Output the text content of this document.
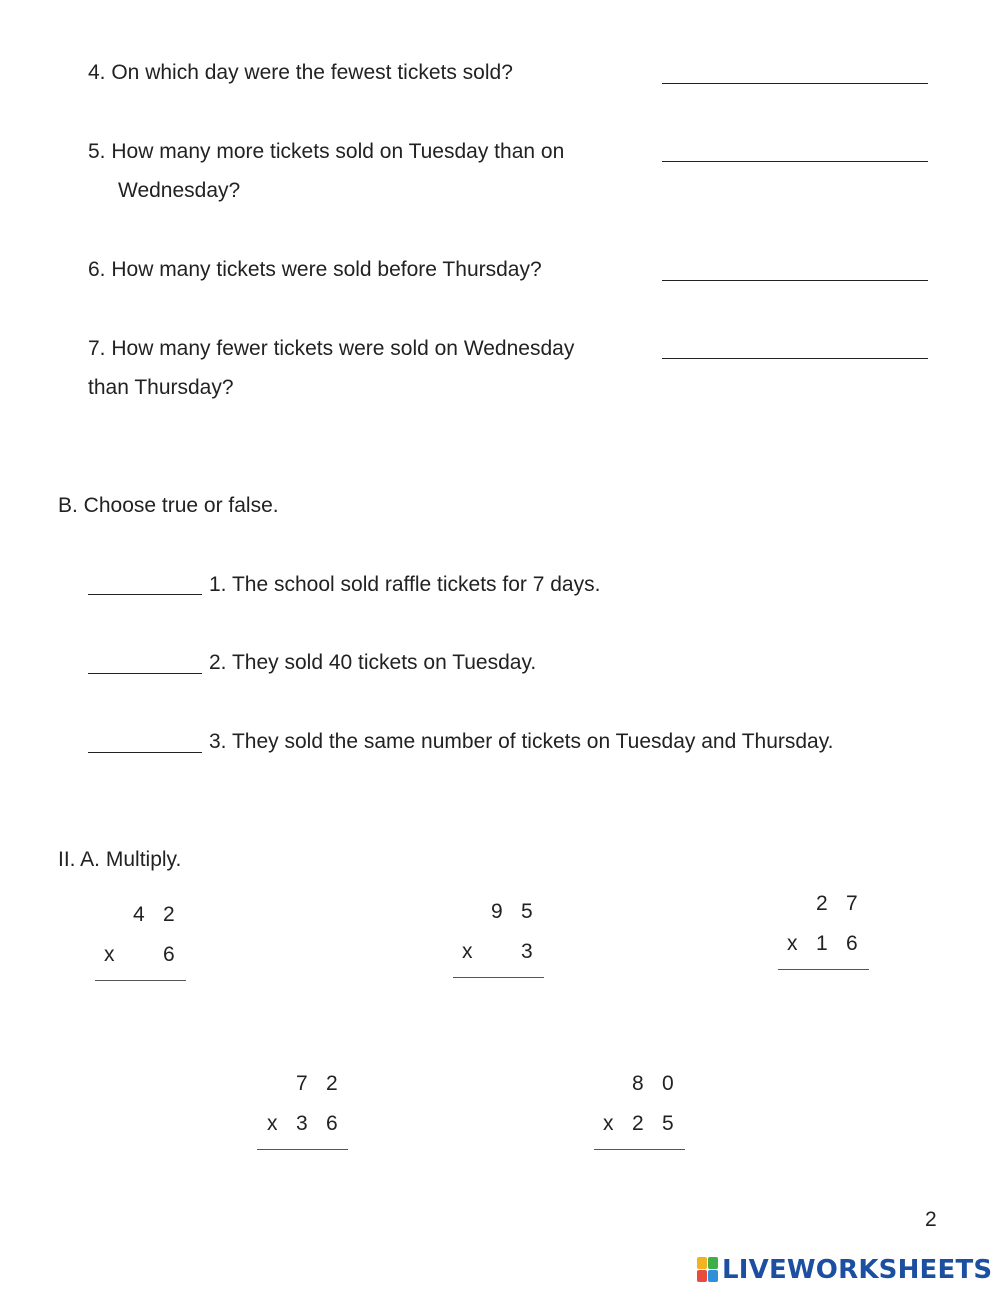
4. On which day were the fewest tickets sold?
5. How many more tickets sold on Tuesday than on
Wednesday?
6. How many tickets were sold before Thursday?
7. How many fewer tickets were sold on Wednesday
than Thursday?
B. Choose true or false.
1. The school sold raffle tickets for 7 days.
2. They sold 40 tickets on Tuesday.
3. They sold the same number of tickets on Tuesday and Thursday.
II. A. Multiply.
4 2
x 6
9 5
x 3
2 7
x 1 6
7 2
x 3 6
8 0
x 2 5
2
LIVEWORKSHEETS
